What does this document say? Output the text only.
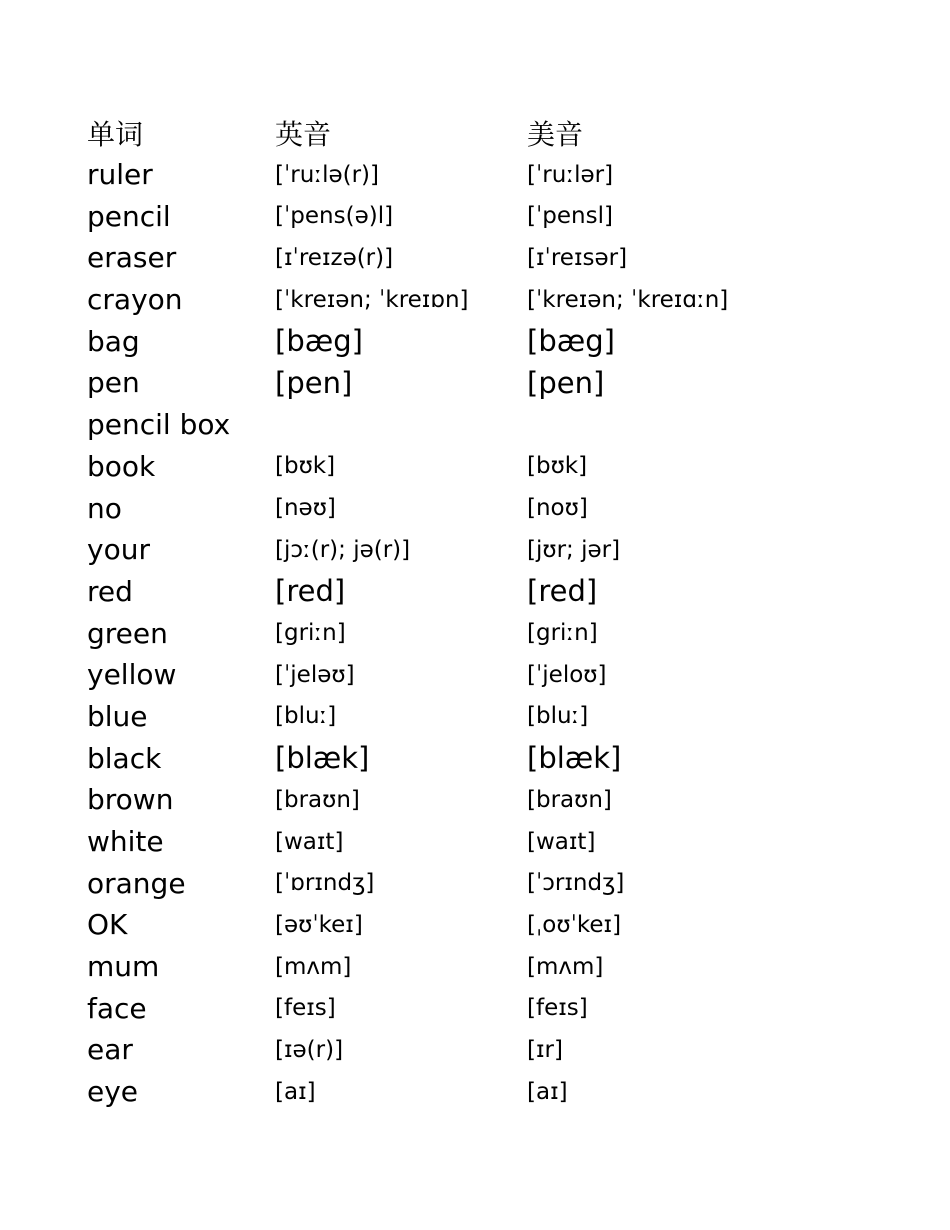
单词	英音	美音
ruler	[ˈruːlə(r)]	[ˈruːlər]
pencil	[ˈpens(ə)l]	[ˈpensl]
eraser	[ɪˈreɪzə(r)]	[ɪˈreɪsər]
crayon	[ˈkreɪən; ˈkreɪɒn]	[ˈkreɪən; ˈkreɪɑːn]
bag	[bæg]	[bæg]
pen	[pen]	[pen]
pencil box
book	[bʊk]	[bʊk]
no	[nəʊ]	[noʊ]
your	[jɔː(r); jə(r)]	[jʊr; jər]
red	[red]	[red]
green	[griːn]	[griːn]
yellow	[ˈjeləʊ]	[ˈjeloʊ]
blue	[bluː]	[bluː]
black	[blæk]	[blæk]
brown	[braʊn]	[braʊn]
white	[waɪt]	[waɪt]
orange	[ˈɒrɪndʒ]	[ˈɔrɪndʒ]
OK	[əʊˈkeɪ]	[ˌoʊˈkeɪ]
mum	[mʌm]	[mʌm]
face	[feɪs]	[feɪs]
ear	[ɪə(r)]	[ɪr]
eye	[aɪ]	[aɪ]
